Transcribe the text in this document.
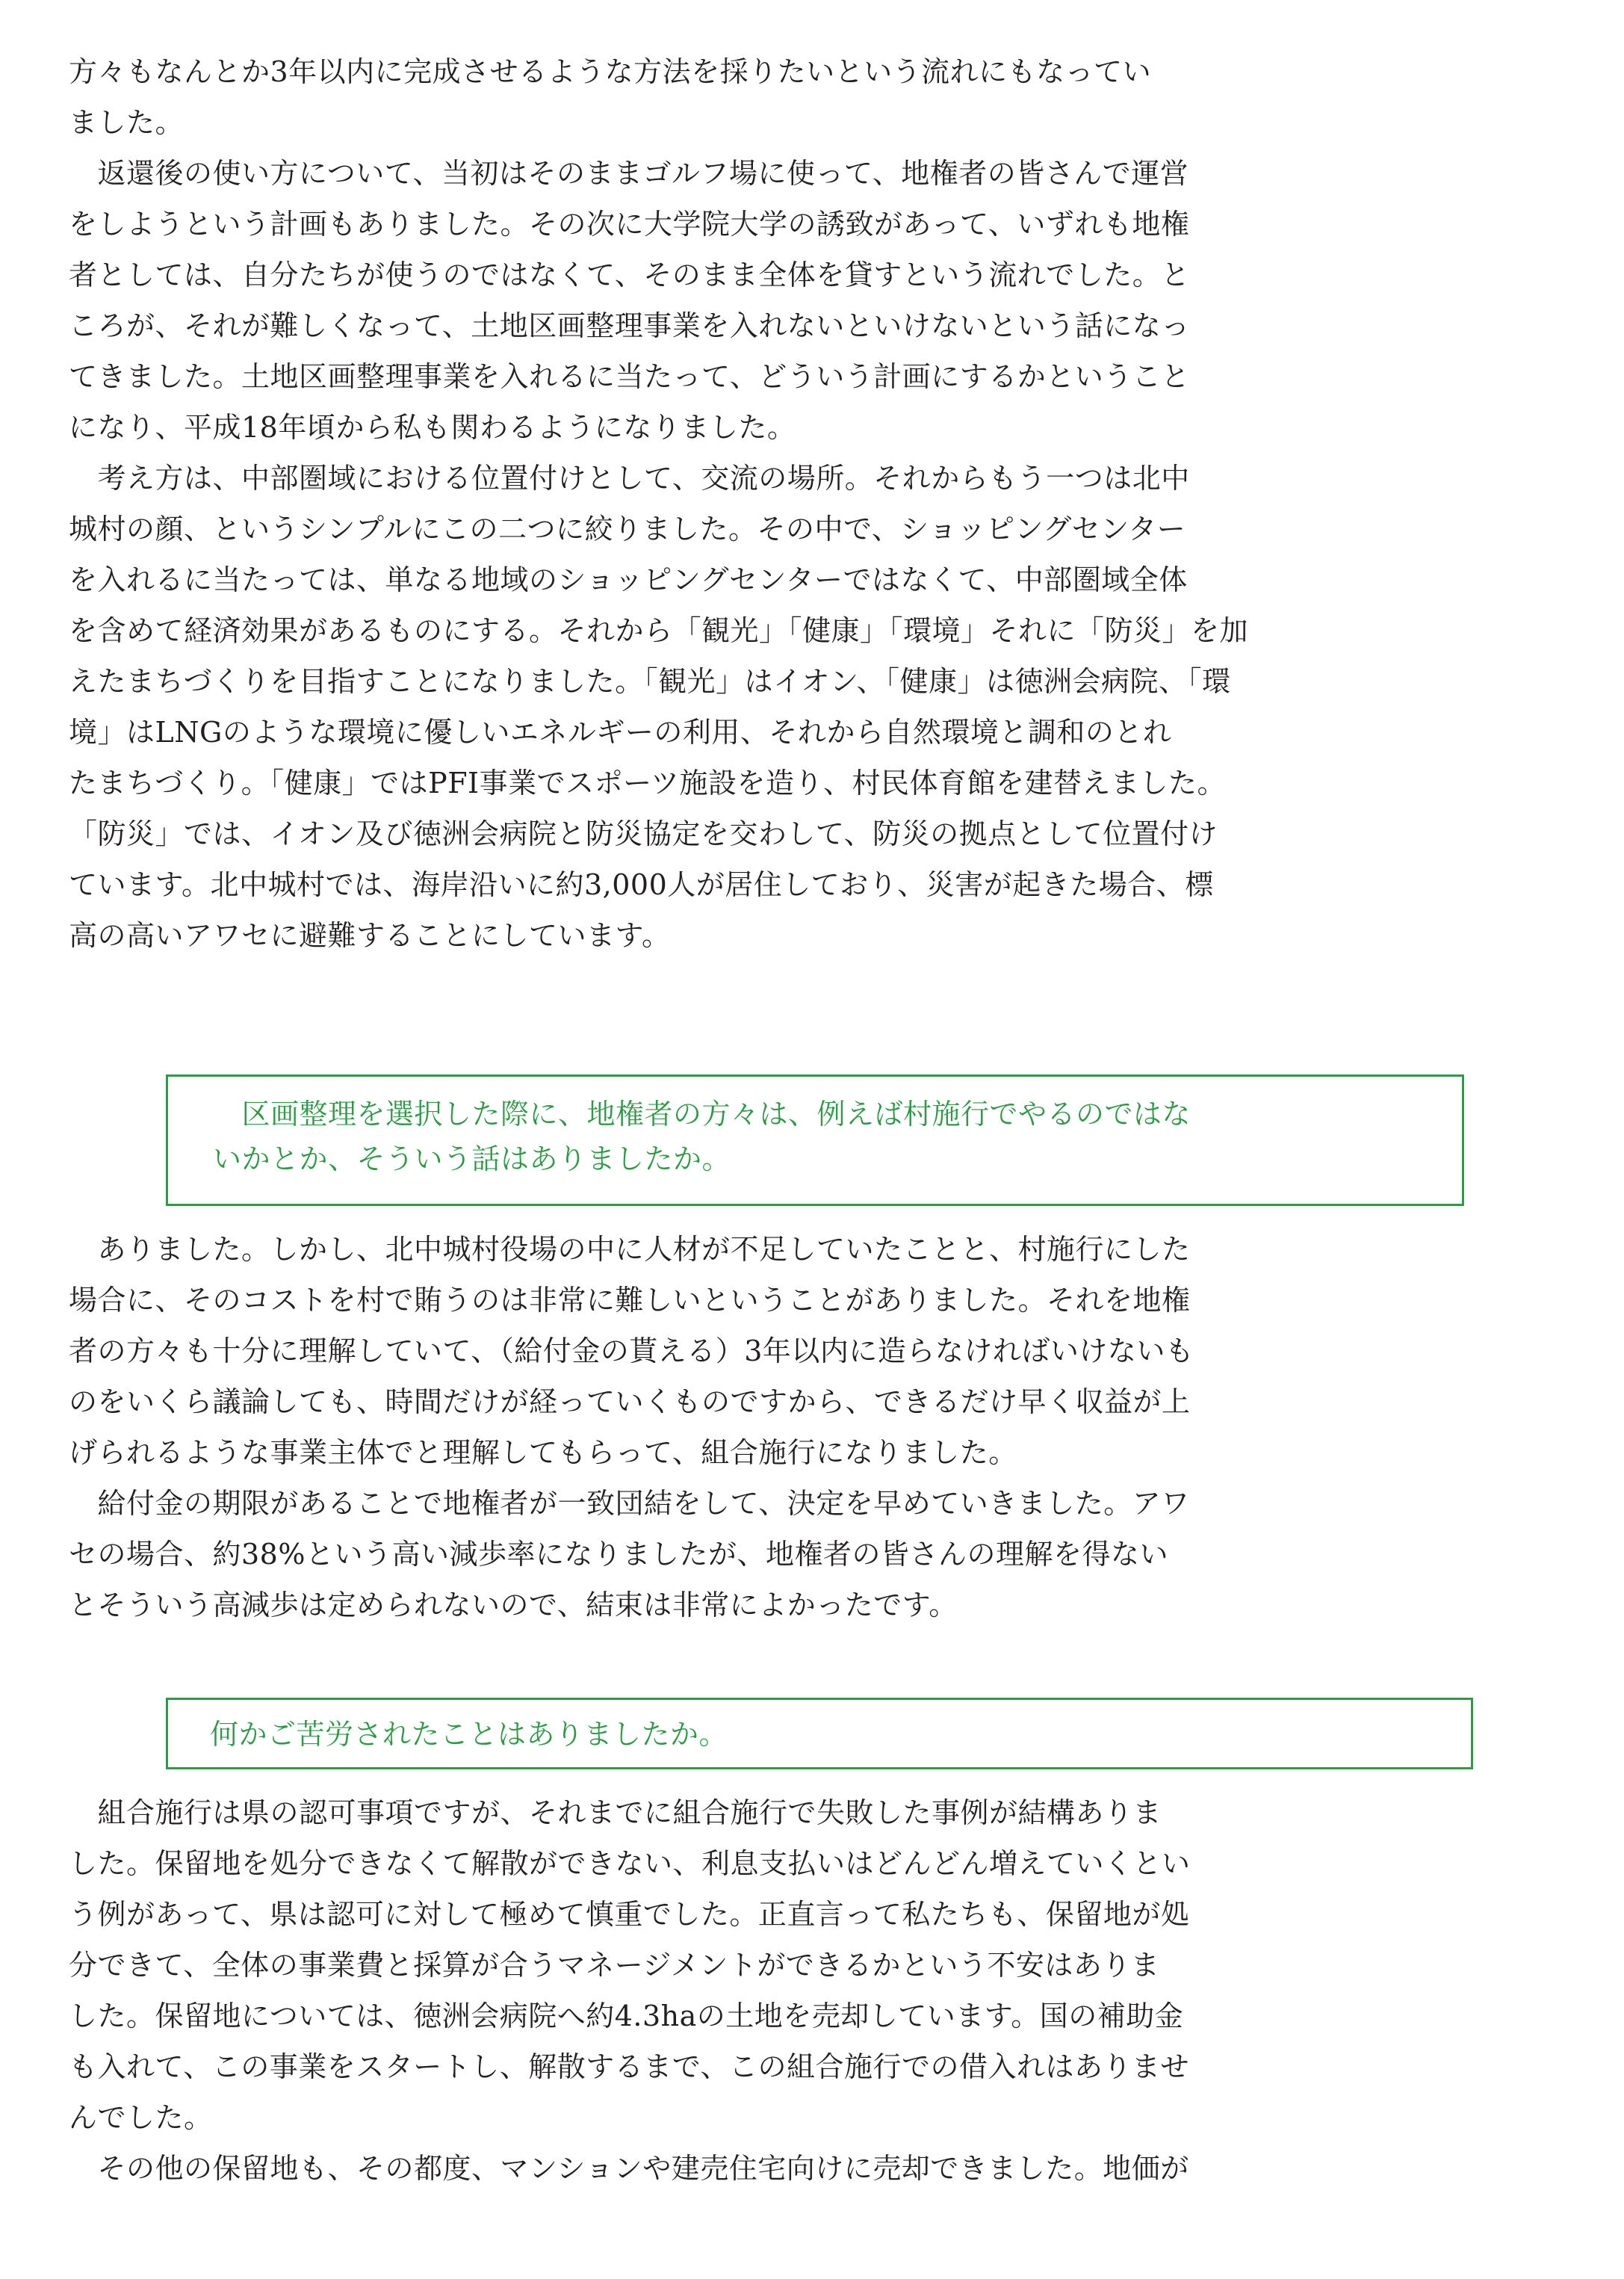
方々もなんとか3年以内に完成させるような方法を採りたいという流れにもなってい
ました。
　返還後の使い方について、当初はそのままゴルフ場に使って、地権者の皆さんで運営
をしようという計画もありました。その次に大学院大学の誘致があって、いずれも地権
者としては、自分たちが使うのではなくて、そのまま全体を貸すという流れでした。と
ころが、それが難しくなって、土地区画整理事業を入れないといけないという話になっ
てきました。土地区画整理事業を入れるに当たって、どういう計画にするかということ
になり、平成18年頃から私も関わるようになりました。
　考え方は、中部圏域における位置付けとして、交流の場所。それからもう一つは北中
城村の顔、というシンプルにこの二つに絞りました。その中で、ショッピングセンター
を入れるに当たっては、単なる地域のショッピングセンターではなくて、中部圏域全体
を含めて経済効果があるものにする。それから「観光」「健康」「環境」それに「防災」を加
えたまちづくりを目指すことになりました。「観光」はイオン、「健康」は徳洲会病院、「環
境」はLNGのような環境に優しいエネルギーの利用、それから自然環境と調和のとれ
たまちづくり。「健康」ではPFI事業でスポーツ施設を造り、村民体育館を建替えました。
「防災」では、イオン及び徳洲会病院と防災協定を交わして、防災の拠点として位置付け
ています。北中城村では、海岸沿いに約3,000人が居住しており、災害が起きた場合、標
高の高いアワセに避難することにしています。
　区画整理を選択した際に、地権者の方々は、例えば村施行でやるのではな
いかとか、そういう話はありましたか。
　ありました。しかし、北中城村役場の中に人材が不足していたことと、村施行にした
場合に、そのコストを村で賄うのは非常に難しいということがありました。それを地権
者の方々も十分に理解していて、（給付金の貰える）3年以内に造らなければいけないも
のをいくら議論しても、時間だけが経っていくものですから、できるだけ早く収益が上
げられるような事業主体でと理解してもらって、組合施行になりました。
　給付金の期限があることで地権者が一致団結をして、決定を早めていきました。アワ
セの場合、約38%という高い減歩率になりましたが、地権者の皆さんの理解を得ない
とそういう高減歩は定められないので、結束は非常によかったです。
何かご苦労されたことはありましたか。
　組合施行は県の認可事項ですが、それまでに組合施行で失敗した事例が結構ありま
した。保留地を処分できなくて解散ができない、利息支払いはどんどん増えていくとい
う例があって、県は認可に対して極めて慎重でした。正直言って私たちも、保留地が処
分できて、全体の事業費と採算が合うマネージメントができるかという不安はありま
した。保留地については、徳洲会病院へ約4.3haの土地を売却しています。国の補助金
も入れて、この事業をスタートし、解散するまで、この組合施行での借入れはありませ
んでした。
　その他の保留地も、その都度、マンションや建売住宅向けに売却できました。地価が
